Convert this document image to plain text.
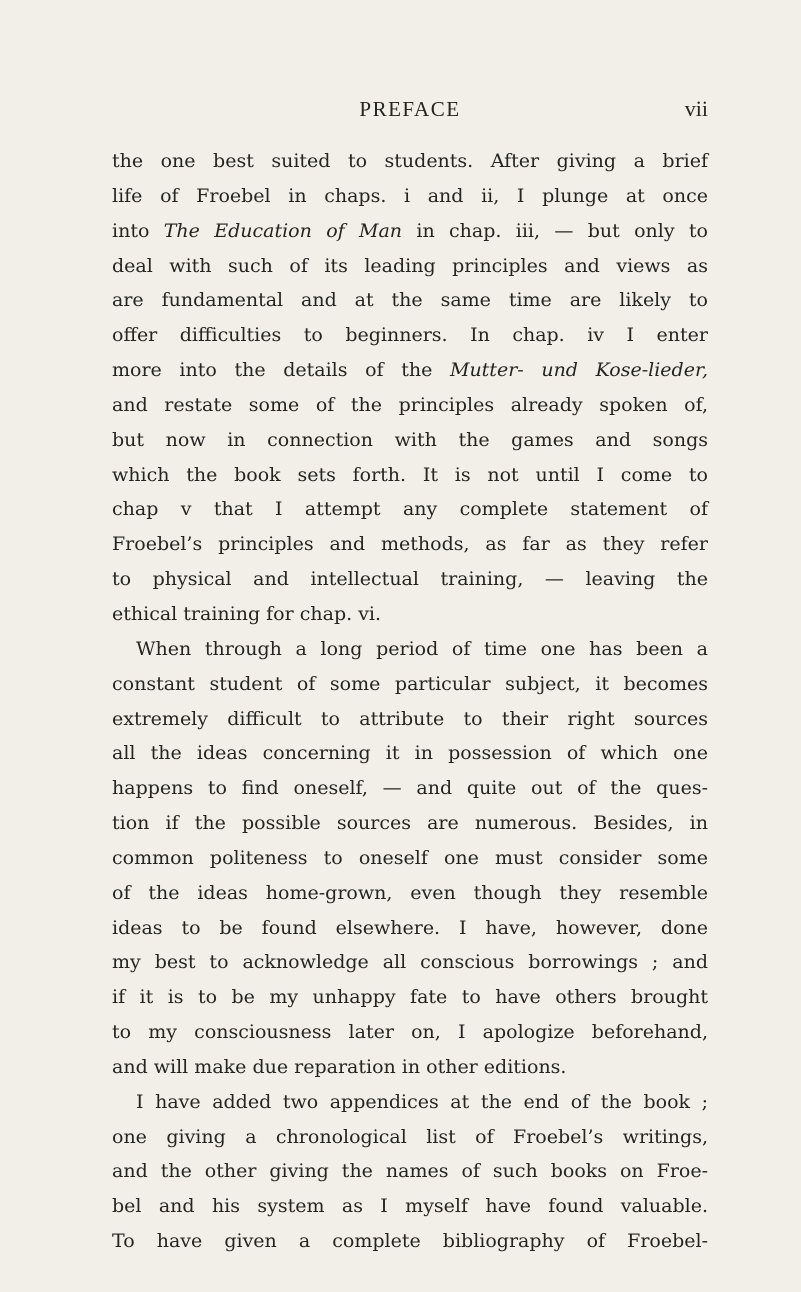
PREFACE	vii
the one best suited to students. After giving a brief
life of Froebel in chaps. i and ii, I plunge at once
into The Education of Man in chap. iii, — but only to
deal with such of its leading principles and views as
are fundamental and at the same time are likely to
offer difficulties to beginners. In chap. iv I enter
more into the details of the Mutter- und Kose-lieder,
and restate some of the principles already spoken of,
but now in connection with the games and songs
which the book sets forth. It is not until I come to
chap v that I attempt any complete statement of
Froebel’s principles and methods, as far as they refer
to physical and intellectual training, — leaving the
ethical training for chap. vi.
When through a long period of time one has been a
constant student of some particular subject, it becomes
extremely difficult to attribute to their right sources
all the ideas concerning it in possession of which one
happens to find oneself, — and quite out of the ques-
tion if the possible sources are numerous. Besides, in
common politeness to oneself one must consider some
of the ideas home-grown, even though they resemble
ideas to be found elsewhere. I have, however, done
my best to acknowledge all conscious borrowings ; and
if it is to be my unhappy fate to have others brought
to my consciousness later on, I apologize beforehand,
and will make due reparation in other editions.
I have added two appendices at the end of the book ;
one giving a chronological list of Froebel’s writings,
and the other giving the names of such books on Froe-
bel and his system as I myself have found valuable.
To have given a complete bibliography of Froebel-
